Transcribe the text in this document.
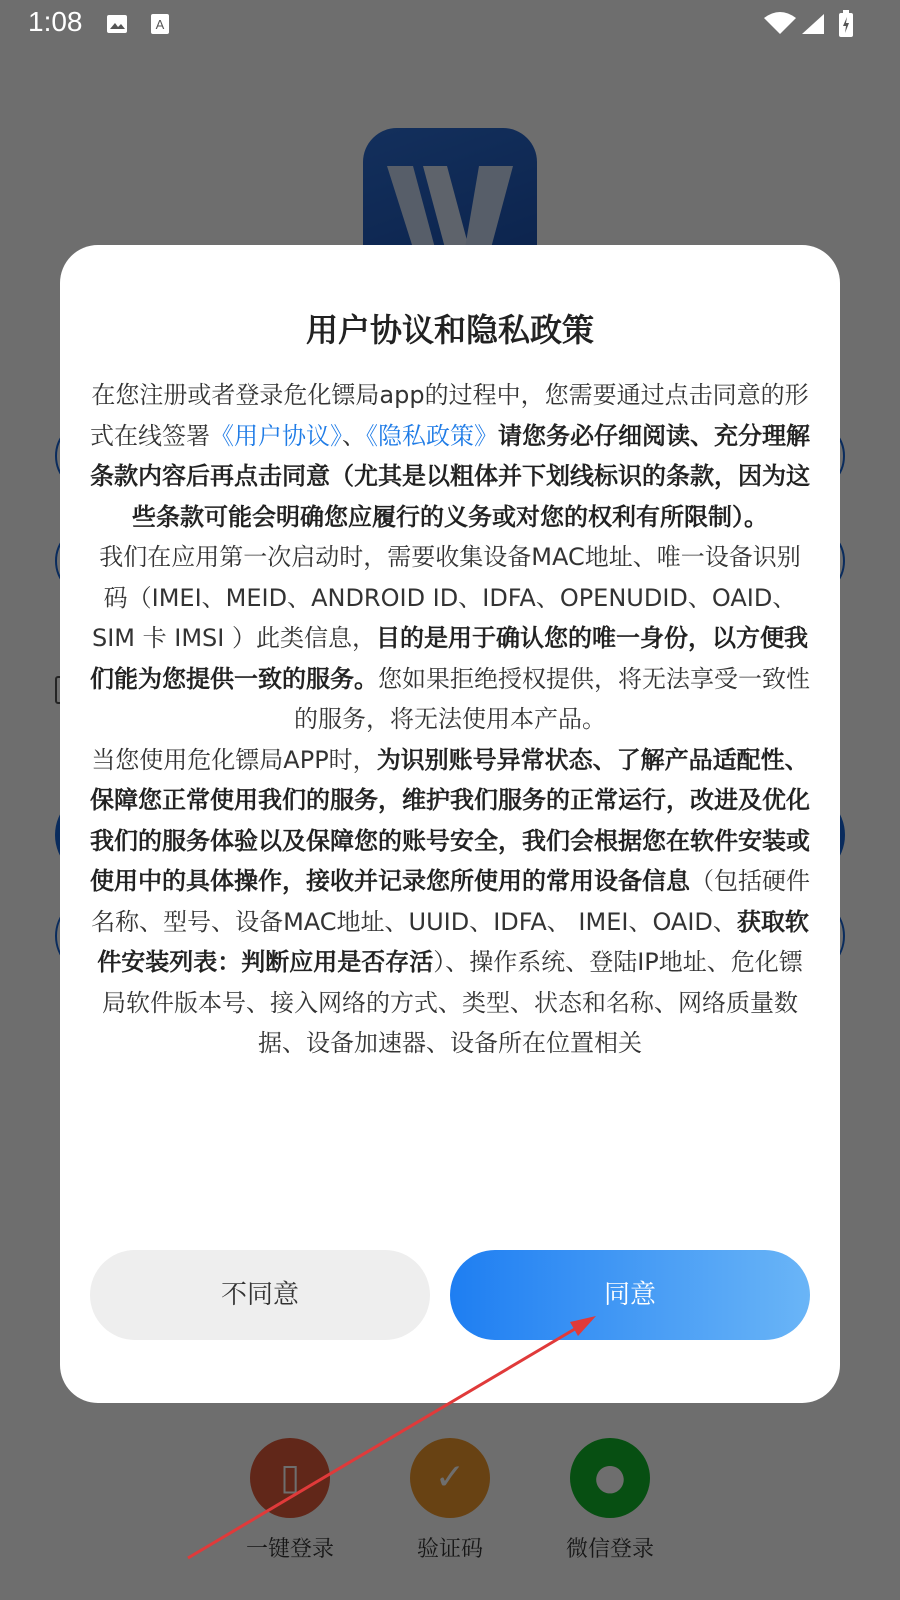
1:08	A
用户协议和隐私政策

在您注册或者登录危化镖局app的过程中，您需要通过点击同意的形式在线签署《用户协议》、《隐私政策》请您务必仔细阅读、充分理解条款内容后再点击同意（尤其是以粗体并下划线标识的条款，因为这些条款可能会明确您应履行的义务或对您的权利有所限制）。

我们在应用第一次启动时，需要收集设备MAC地址、唯一设备识别码（IMEI、MEID、ANDROID ID、IDFA、OPENUDID、OAID、SIM 卡 IMSI ）此类信息，目的是用于确认您的唯一身份，以方便我们能为您提供一致的服务。您如果拒绝授权提供，将无法享受一致性的服务，将无法使用本产品。

当您使用危化镖局APP时，为识别账号异常状态、了解产品适配性、保障您正常使用我们的服务，维护我们服务的正常运行，改进及优化我们的服务体验以及保障您的账号安全，我们会根据您在软件安装或使用中的具体操作，接收并记录您所使用的常用设备信息（包括硬件名称、型号、设备MAC地址、UUID、IDFA、 IMEI、OAID、获取软件安装列表：判断应用是否存活）、操作系统、登陆IP地址、危化镖局软件版本号、接入网络的方式、类型、状态和名称、网络质量数据、设备加速器、设备所在位置相关

不同意	同意
